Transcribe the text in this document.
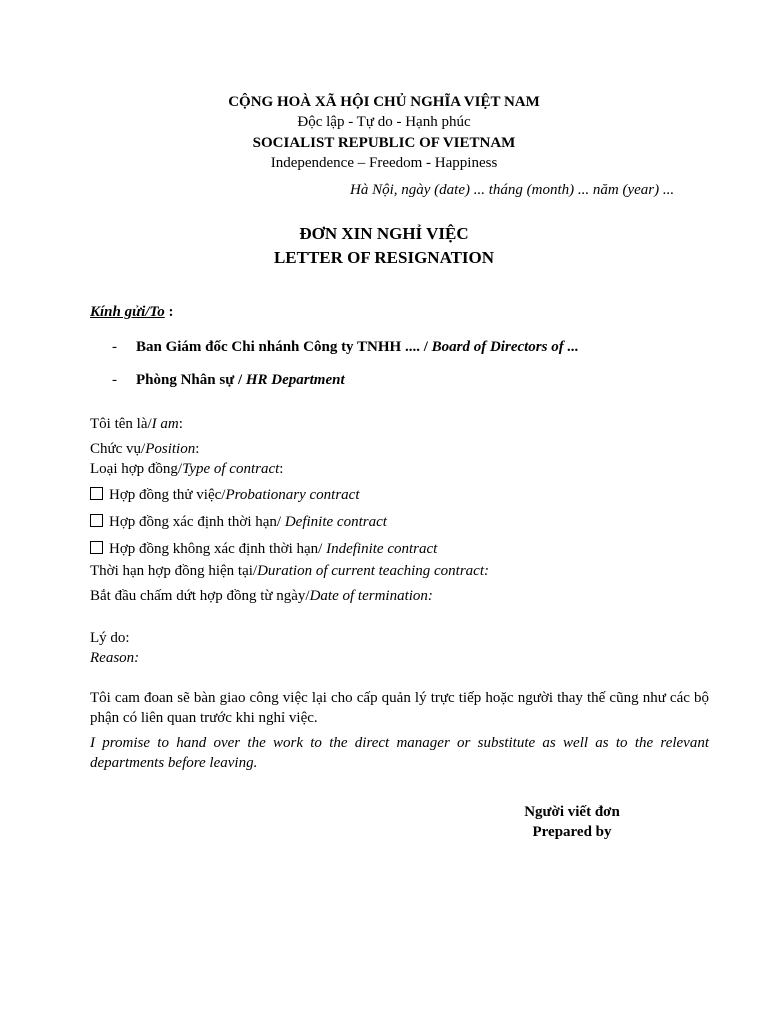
CỘNG HOÀ XÃ HỘI CHỦ NGHĨA VIỆT NAM
Độc lập - Tự do - Hạnh phúc
SOCIALIST REPUBLIC OF VIETNAM
Independence – Freedom - Happiness
Hà Nội, ngày (date) ... tháng (month) ... năm (year) ...
ĐƠN XIN NGHỈ VIỆC
LETTER OF RESIGNATION
Kính gửi/To :
- Ban Giám đốc Chi nhánh Công ty TNHH .... / Board of Directors of ...
- Phòng Nhân sự / HR Department
Tôi tên là/I am:
Chức vụ/Position:
Loại hợp đồng/Type of contract:
Hợp đồng thử việc/Probationary contract
Hợp đồng xác định thời hạn/ Definite contract
Hợp đồng không xác định thời hạn/ Indefinite contract
Thời hạn hợp đồng hiện tại/Duration of current teaching contract:
Bắt đầu chấm dứt hợp đồng từ ngày/Date of termination:
Lý do:
Reason:
Tôi cam đoan sẽ bàn giao công việc lại cho cấp quản lý trực tiếp hoặc người thay thế cũng như các bộ phận có liên quan trước khi nghỉ việc.
I promise to hand over the work to the direct manager or substitute as well as to the relevant departments before leaving.
Người viết đơn
Prepared by
